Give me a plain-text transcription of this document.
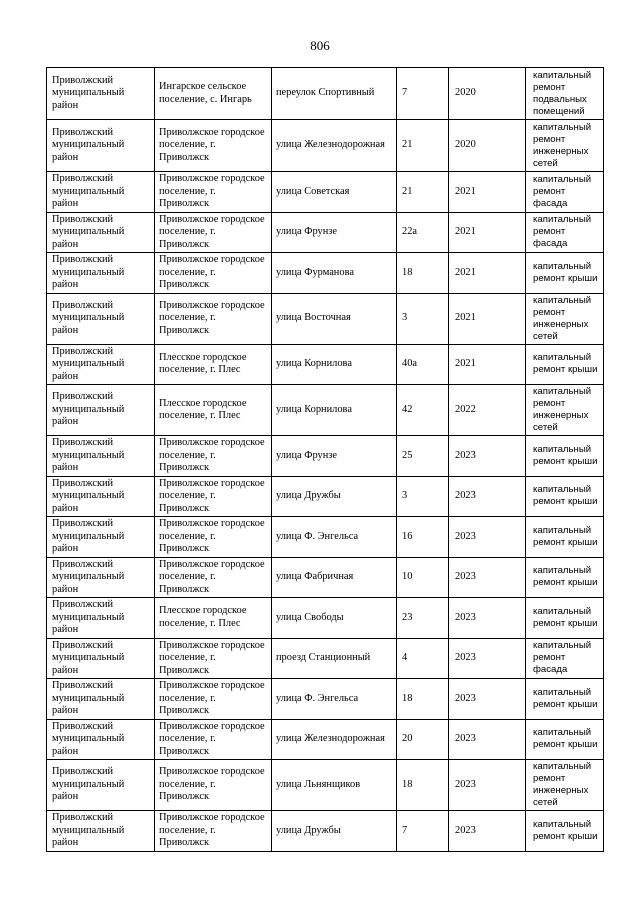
806
Приволжский муниципальный район	Ингарское сельское поселение, с. Ингарь	переулок Спортивный	7	2020	капитальный ремонт подвальных помещений
Приволжский муниципальный район	Приволжское городское поселение, г. Приволжск	улица Железнодорожная	21	2020	капитальный ремонт инженерных сетей
Приволжский муниципальный район	Приволжское городское поселение, г. Приволжск	улица Советская	21	2021	капитальный ремонт фасада
Приволжский муниципальный район	Приволжское городское поселение, г. Приволжск	улица Фрунзе	22а	2021	капитальный ремонт фасада
Приволжский муниципальный район	Приволжское городское поселение, г. Приволжск	улица Фурманова	18	2021	капитальный ремонт крыши
Приволжский муниципальный район	Приволжское городское поселение, г. Приволжск	улица Восточная	3	2021	капитальный ремонт инженерных сетей
Приволжский муниципальный район	Плесское городское поселение, г. Плес	улица Корнилова	40а	2021	капитальный ремонт крыши
Приволжский муниципальный район	Плесское городское поселение, г. Плес	улица Корнилова	42	2022	капитальный ремонт инженерных сетей
Приволжский муниципальный район	Приволжское городское поселение, г. Приволжск	улица Фрунзе	25	2023	капитальный ремонт крыши
Приволжский муниципальный район	Приволжское городское поселение, г. Приволжск	улица Дружбы	3	2023	капитальный ремонт крыши
Приволжский муниципальный район	Приволжское городское поселение, г. Приволжск	улица Ф. Энгельса	16	2023	капитальный ремонт крыши
Приволжский муниципальный район	Приволжское городское поселение, г. Приволжск	улица Фабричная	10	2023	капитальный ремонт крыши
Приволжский муниципальный район	Плесское городское поселение, г. Плес	улица Свободы	23	2023	капитальный ремонт крыши
Приволжский муниципальный район	Приволжское городское поселение, г. Приволжск	проезд Станционный	4	2023	капитальный ремонт фасада
Приволжский муниципальный район	Приволжское городское поселение, г. Приволжск	улица Ф. Энгельса	18	2023	капитальный ремонт крыши
Приволжский муниципальный район	Приволжское городское поселение, г. Приволжск	улица Железнодорожная	20	2023	капитальный ремонт крыши
Приволжский муниципальный район	Приволжское городское поселение, г. Приволжск	улица Льнянщиков	18	2023	капитальный ремонт инженерных сетей
Приволжский муниципальный район	Приволжское городское поселение, г. Приволжск	улица Дружбы	7	2023	капитальный ремонт крыши
